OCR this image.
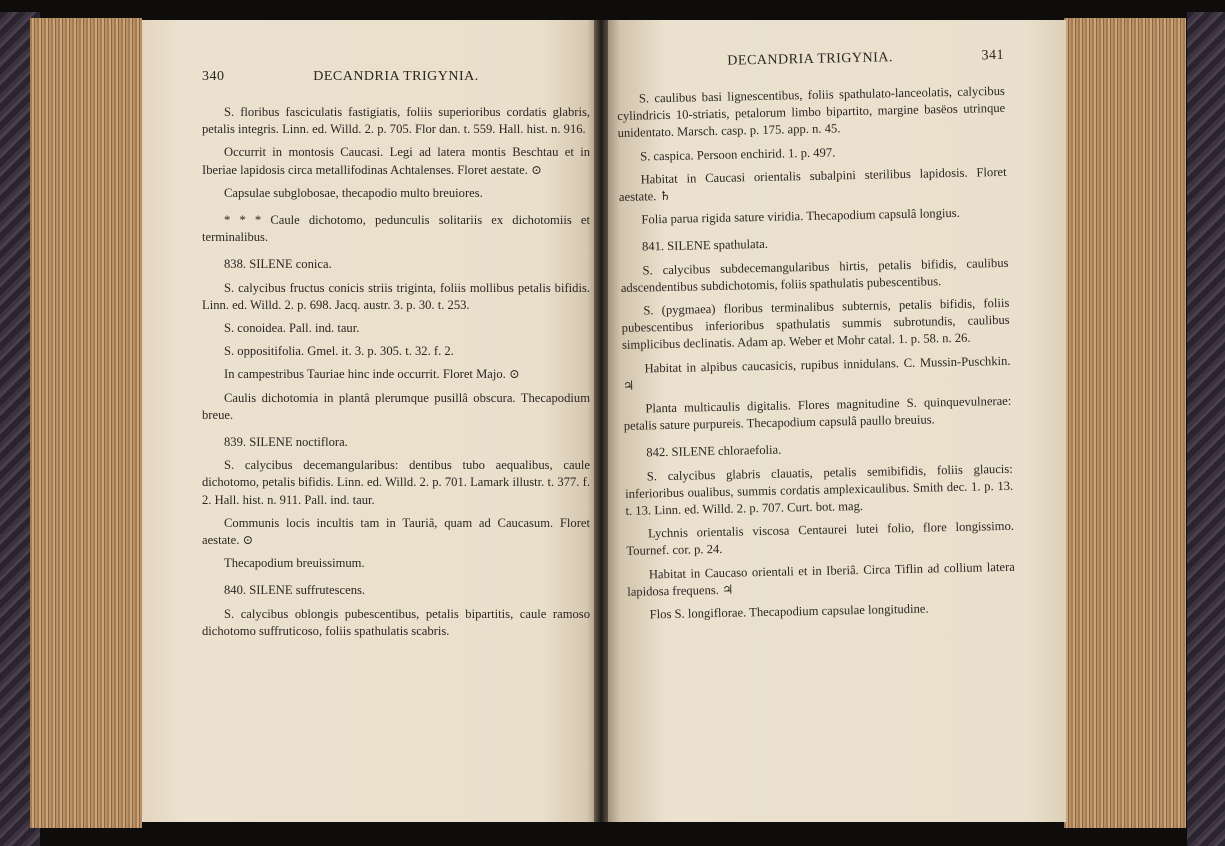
340	DECANDRIA TRIGYNIA.

S. floribus fasciculatis fastigiatis, foliis superioribus cordatis glabris, petalis integris. Linn. ed. Willd. 2. p. 705. Flor dan. t. 559. Hall. hist. n. 916.

Occurrit in montosis Caucasi. Legi ad latera montis Beschtau et in Iberiae lapidosis circa metallifodinas Achtalenses. Floret aestate. ⊙

Capsulae subglobosae, thecapodio multo breuiores.

* * * Caule dichotomo, pedunculis solitariis ex dichotomiis et terminalibus.

838. SILENE conica.

S. calycibus fructus conicis striis triginta, foliis mollibus petalis bifidis. Linn. ed. Willd. 2. p. 698. Jacq. austr. 3. p. 30. t. 253.

S. conoidea. Pall. ind. taur.

S. oppositifolia. Gmel. it. 3. p. 305. t. 32. f. 2.

In campestribus Tauriae hinc inde occurrit. Floret Majo. ⊙

Caulis dichotomia in plantâ plerumque pusillâ obscura. Thecapodium breue.

839. SILENE noctiflora.

S. calycibus decemangularibus: dentibus tubo aequalibus, caule dichotomo, petalis bifidis. Linn. ed. Willd. 2. p. 701. Lamark illustr. t. 377. f. 2. Hall. hist. n. 911. Pall. ind. taur.

Communis locis incultis tam in Tauriâ, quam ad Caucasum. Floret aestate. ⊙

Thecapodium breuissimum.

840. SILENE suffrutescens.

S. calycibus oblongis pubescentibus, petalis bipartitis, caule ramoso dichotomo suffruticoso, foliis spathulatis scabris.

DECANDRIA TRIGYNIA.	341

S. caulibus basi lignescentibus, foliis spathulato-lanceolatis, calycibus cylindricis 10-striatis, petalorum limbo bipartito, margine basëos utrinque unidentato. Marsch. casp. p. 175. app. n. 45.

S. caspica. Persoon enchirid. 1. p. 497.

Habitat in Caucasi orientalis subalpini sterilibus lapidosis. Floret aestate. ♄

Folia parua rigida saturе viridia. Thecapodium capsulâ longius.

841. SILENE spathulata.

S. calycibus subdecemangularibus hirtis, petalis bifidis, caulibus adscendentibus subdichotomis, foliis spathulatis pubescentibus.

S. (pygmaea) floribus terminalibus subternis, petalis bifidis, foliis pubescentibus inferioribus spathulatis summis subrotundis, caulibus simplicibus declinatis. Adam ap. Weber et Mohr catal. 1. p. 58. n. 26.

Habitat in alpibus caucasicis, rupibus innidulans. C. Mussin-Puschkin. ♃

Planta multicaulis digitalis. Flores magnitudine S. quinquevulnerae: petalis sature purpureis. Thecapodium capsulâ paullo breuius.

842. SILENE chloraefolia.

S. calycibus glabris clauatis, petalis semibifidis, foliis glaucis: inferioribus oualibus, summis cordatis amplexicaulibus. Smith dec. 1. p. 13. t. 13. Linn. ed. Willd. 2. p. 707. Curt. bot. mag.

Lychnis orientalis viscosa Centaurei lutei folio, flore longissimo. Tournef. cor. p. 24.

Habitat in Caucaso orientali et in Iberiâ. Circa Tiflin ad collium latera lapidosa frequens. ♃

Flos S. longiflorae. Thecapodium capsulae longitudine.
